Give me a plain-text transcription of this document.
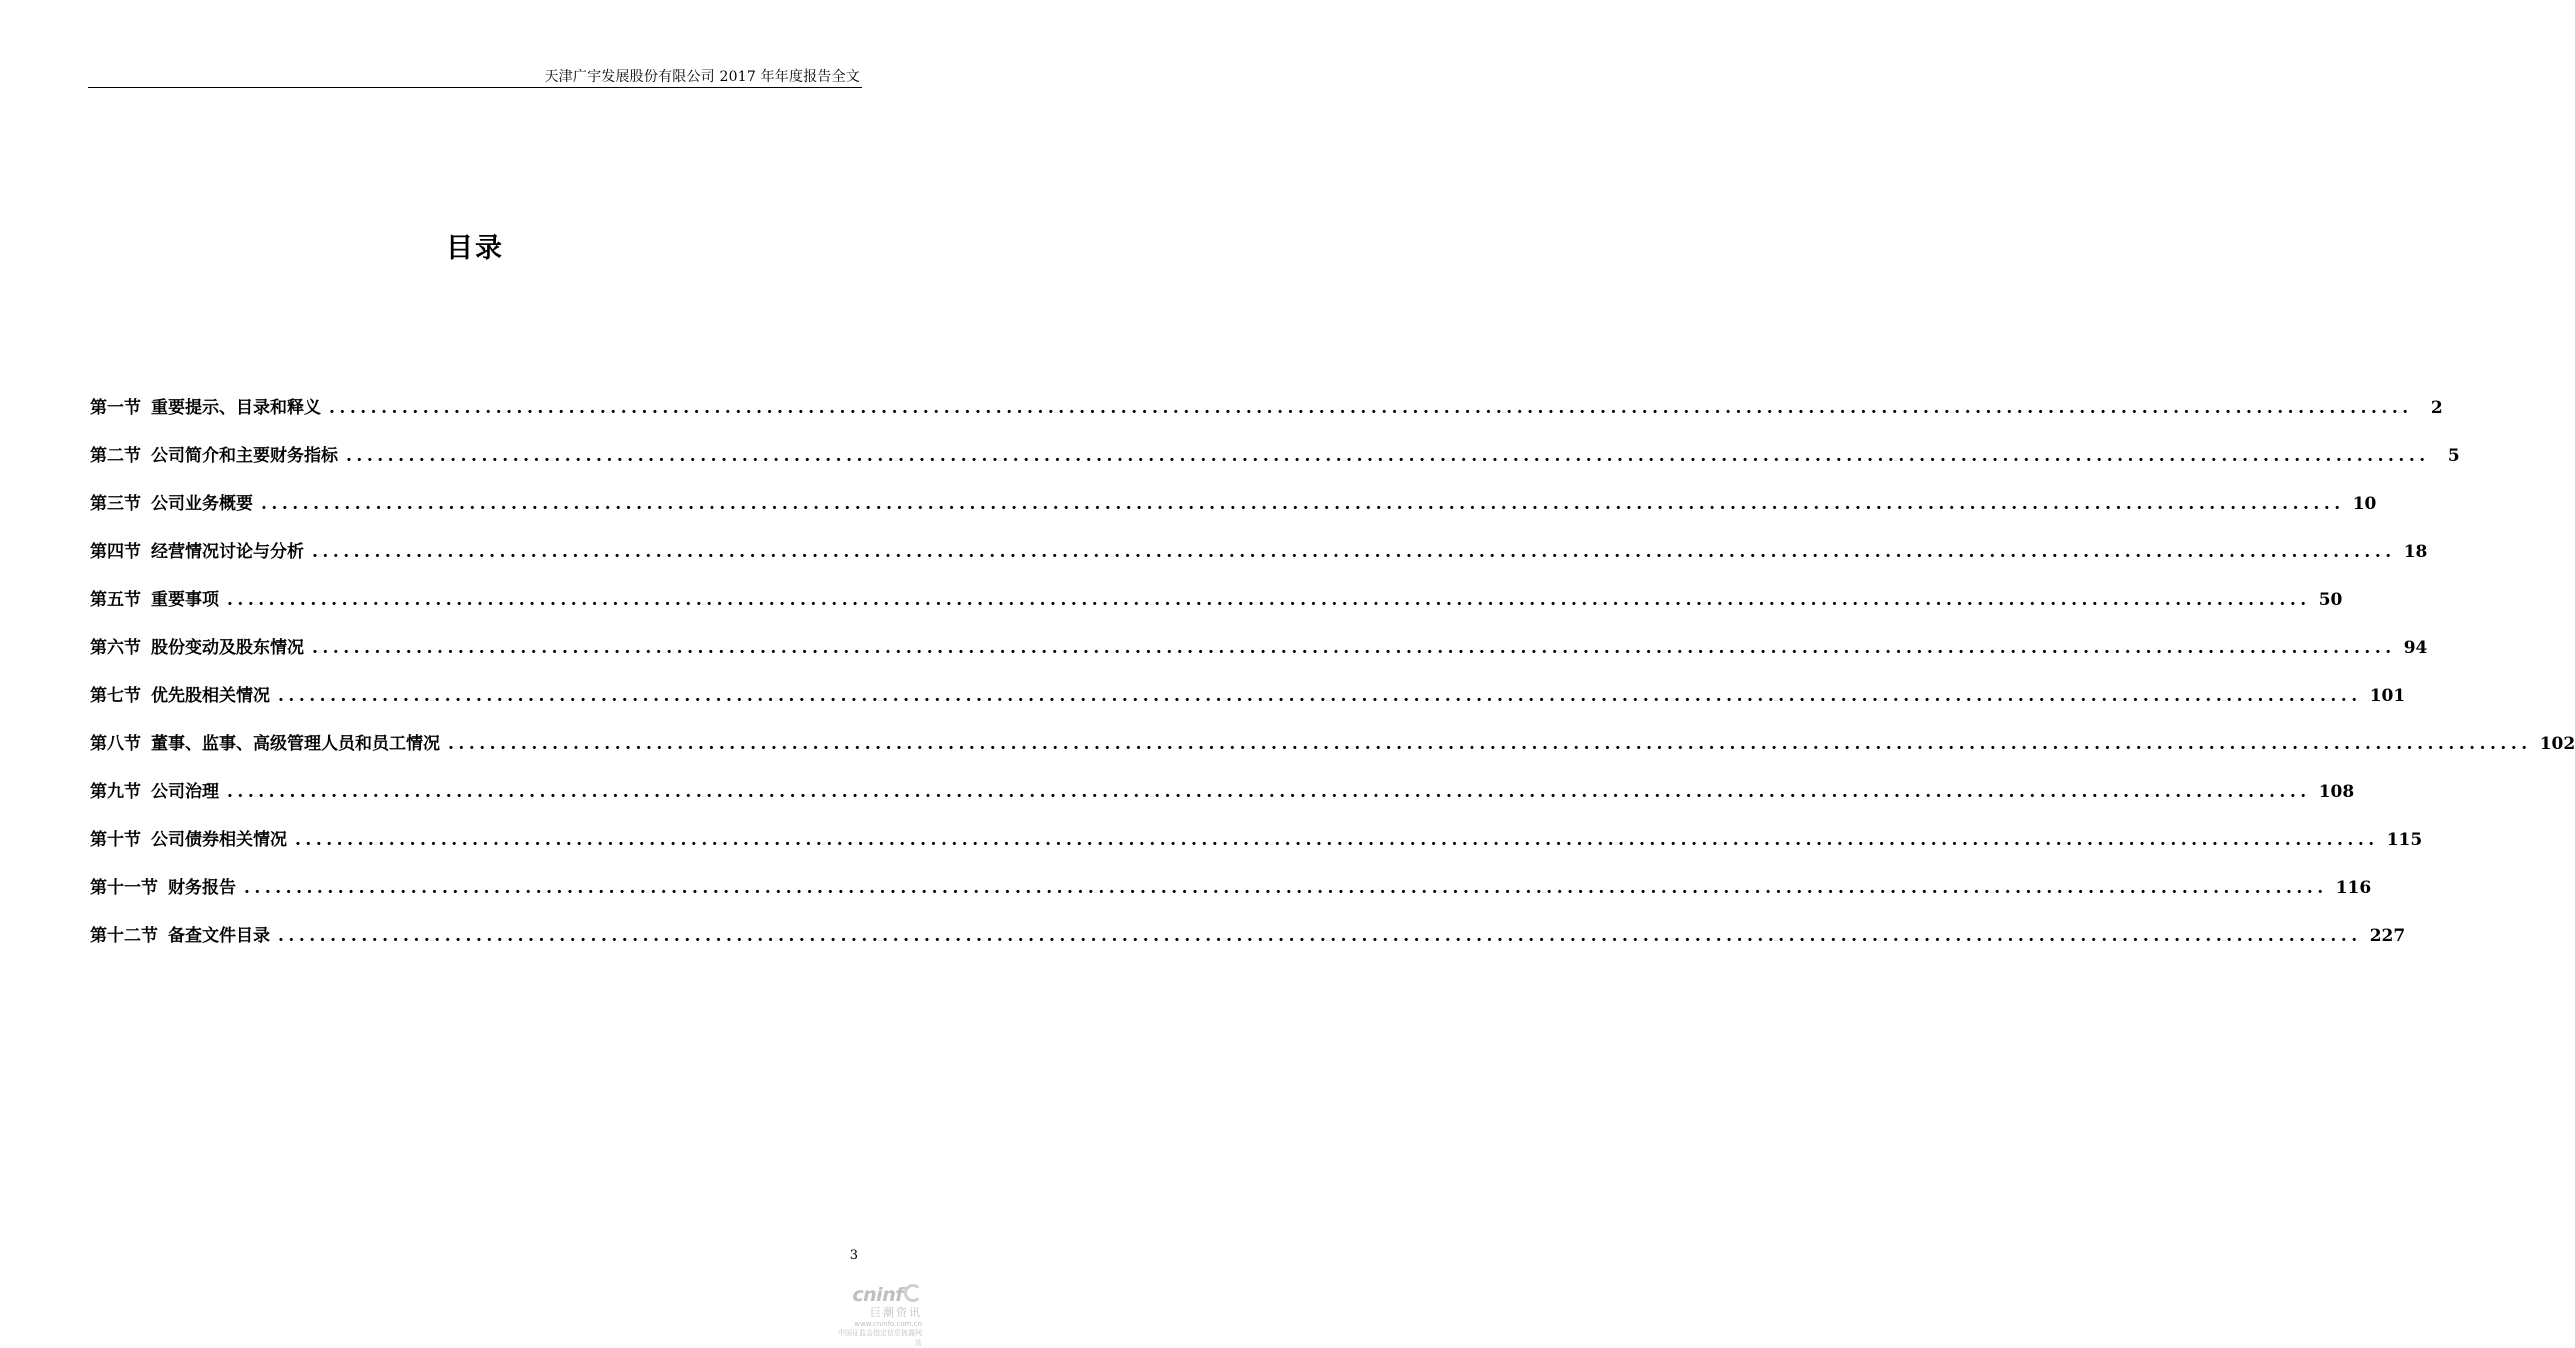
天津广宇发展股份有限公司 2017 年年度报告全文
目录
第一节 重要提示、目录和释义 ........................................................................................................................................................................................................	2
第二节 公司简介和主要财务指标 ........................................................................................................................................................................................................	5
第三节 公司业务概要 ........................................................................................................................................................................................................ 10
第四节 经营情况讨论与分析 ........................................................................................................................................................................................................ 18
第五节 重要事项 ........................................................................................................................................................................................................ 50
第六节 股份变动及股东情况 ........................................................................................................................................................................................................ 94
第七节 优先股相关情况 ........................................................................................................................................................................................................ 101
第八节 董事、监事、高级管理人员和员工情况 ........................................................................................................................................................................................................ 102
第九节 公司治理 ........................................................................................................................................................................................................ 108
第十节 公司债券相关情况 ........................................................................................................................................................................................................ 115
第十一节 财务报告 ........................................................................................................................................................................................................ 116
第十二节 备查文件目录 ........................................................................................................................................................................................................ 227
3
cninf
巨潮资讯
www.cninfo.com.cn
中国证监会指定信息披露网站
